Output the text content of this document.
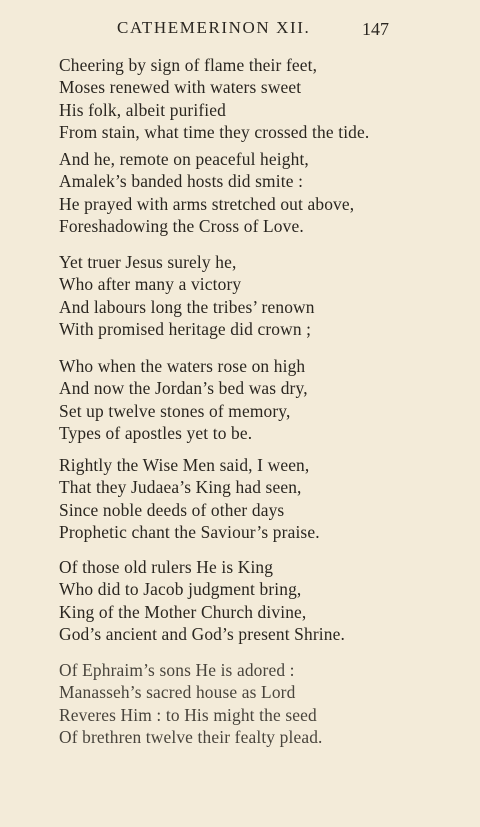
CATHEMERINON XII.	147
Cheering by sign of flame their feet,
Moses renewed with waters sweet
His folk, albeit purified
From stain, what time they crossed the tide.
And he, remote on peaceful height,
Amalek’s banded hosts did smite :
He prayed with arms stretched out above,
Foreshadowing the Cross of Love.
Yet truer Jesus surely he,
Who after many a victory
And labours long the tribes’ renown
With promised heritage did crown ;
Who when the waters rose on high
And now the Jordan’s bed was dry,
Set up twelve stones of memory,
Types of apostles yet to be.
Rightly the Wise Men said, I ween,
That they Judaea’s King had seen,
Since noble deeds of other days
Prophetic chant the Saviour’s praise.
Of those old rulers He is King
Who did to Jacob judgment bring,
King of the Mother Church divine,
God’s ancient and God’s present Shrine.
Of Ephraim’s sons He is adored :
Manasseh’s sacred house as Lord
Reveres Him : to His might the seed
Of brethren twelve their fealty plead.
